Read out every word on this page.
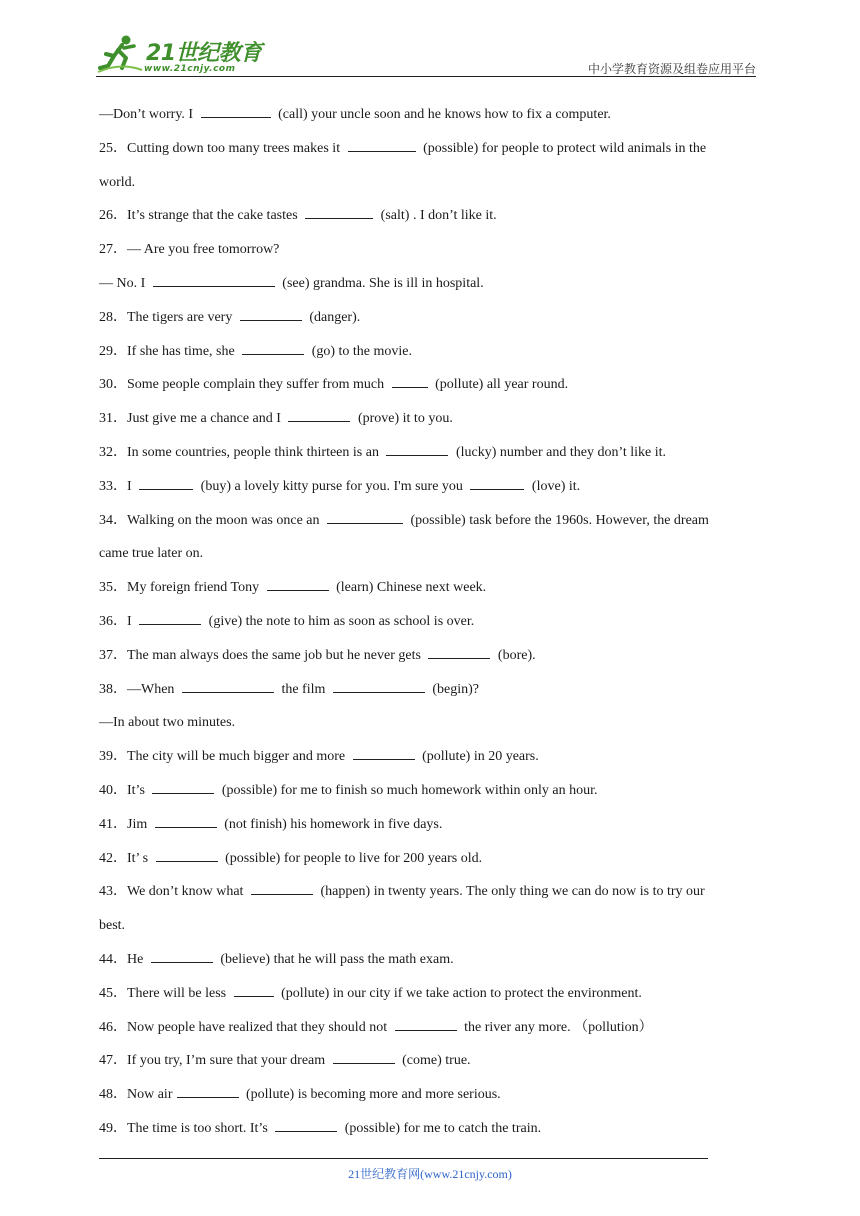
21世纪教育
www.21cnjy.com	中小学教育资源及组卷应用平台
—Don’t worry. I	(call) your uncle soon and he knows how to fix a computer.
25．Cutting down too many trees makes it	(possible) for people to protect wild animals in the
world.
26．It’s strange that the cake tastes	(salt) . I don’t like it.
27．— Are you free tomorrow?
— No. I	(see) grandma. She is ill in hospital.
28．The tigers are very	(danger).
29．If she has time, she	(go) to the movie.
30．Some people complain they suffer from much	(pollute) all year round.
31．Just give me a chance and I	(prove) it to you.
32．In some countries, people think thirteen is an	(lucky) number and they don’t like it.
33．I	(buy) a lovely kitty purse for you. I'm sure you	(love) it.
34．Walking on the moon was once an	(possible) task before the 1960s. However, the dream
came true later on.
35．My foreign friend Tony	(learn) Chinese next week.
36．I	(give) the note to him as soon as school is over.
37．The man always does the same job but he never gets	(bore).
38．—When	the film	(begin)?
—In about two minutes.
39．The city will be much bigger and more	(pollute) in 20 years.
40．It’s	(possible) for me to finish so much homework within only an hour.
41．Jim	(not finish) his homework in five days.
42．It’ s	(possible) for people to live for 200 years old.
43．We don’t know what	(happen) in twenty years. The only thing we can do now is to try our
best.
44．He	(believe) that he will pass the math exam.
45．There will be less	(pollute) in our city if we take action to protect the environment.
46．Now people have realized that they should not	the river any more. （pollution）
47．If you try, I’m sure that your dream	(come) true.
48．Now air	(pollute) is becoming more and more serious.
49．The time is too short. It’s	(possible) for me to catch the train.
21世纪教育网(www.21cnjy.com)
